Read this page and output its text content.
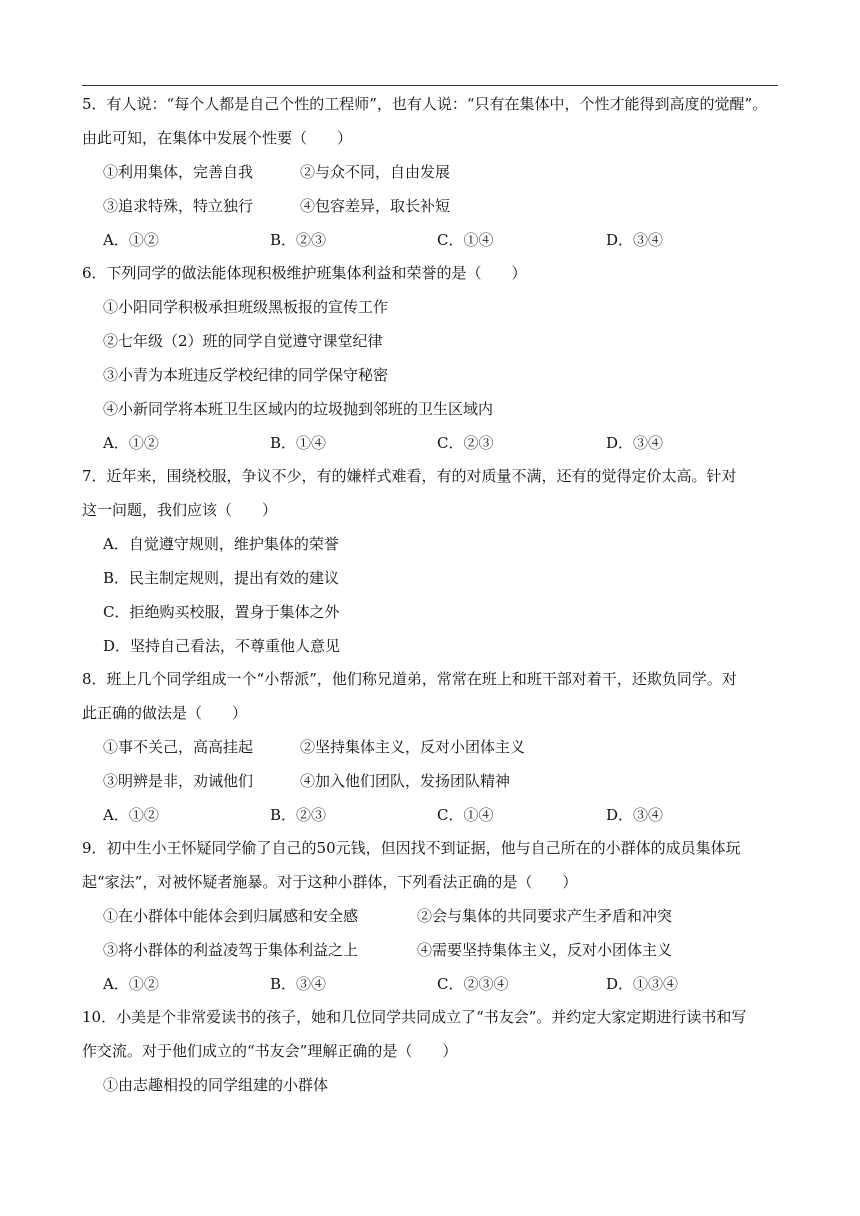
5．有人说：“每个人都是自己个性的工程师”，也有人说：“只有在集体中，个性才能得到高度的觉醒”。
由此可知，在集体中发展个性要（　　）
①利用集体，完善自我	②与众不同，自由发展
③追求特殊，特立独行	④包容差异，取长补短
A．①②	B．②③	C．①④	D．③④
6．下列同学的做法能体现积极维护班集体利益和荣誉的是（　　）
①小阳同学积极承担班级黑板报的宣传工作
②七年级（2）班的同学自觉遵守课堂纪律
③小青为本班违反学校纪律的同学保守秘密
④小新同学将本班卫生区域内的垃圾抛到邻班的卫生区域内
A．①②	B．①④	C．②③	D．③④
7．近年来，围绕校服，争议不少，有的嫌样式难看，有的对质量不满，还有的觉得定价太高。针对
这一问题，我们应该（　　）
A．自觉遵守规则，维护集体的荣誉
B．民主制定规则，提出有效的建议
C．拒绝购买校服，置身于集体之外
D．坚持自己看法，不尊重他人意见
8．班上几个同学组成一个“小帮派”，他们称兄道弟，常常在班上和班干部对着干，还欺负同学。对
此正确的做法是（　　）
①事不关己，高高挂起	②坚持集体主义，反对小团体主义
③明辨是非，劝诫他们	④加入他们团队，发扬团队精神
A．①②	B．②③	C．①④	D．③④
9．初中生小王怀疑同学偷了自己的50元钱，但因找不到证据，他与自己所在的小群体的成员集体玩
起“家法”，对被怀疑者施暴。对于这种小群体，下列看法正确的是（　　）
①在小群体中能体会到归属感和安全感	②会与集体的共同要求产生矛盾和冲突
③将小群体的利益凌驾于集体利益之上	④需要坚持集体主义，反对小团体主义
A．①②	B．③④	C．②③④	D．①③④
10．小美是个非常爱读书的孩子，她和几位同学共同成立了“书友会”。并约定大家定期进行读书和写
作交流。对于他们成立的“书友会”理解正确的是（　　）
①由志趣相投的同学组建的小群体
